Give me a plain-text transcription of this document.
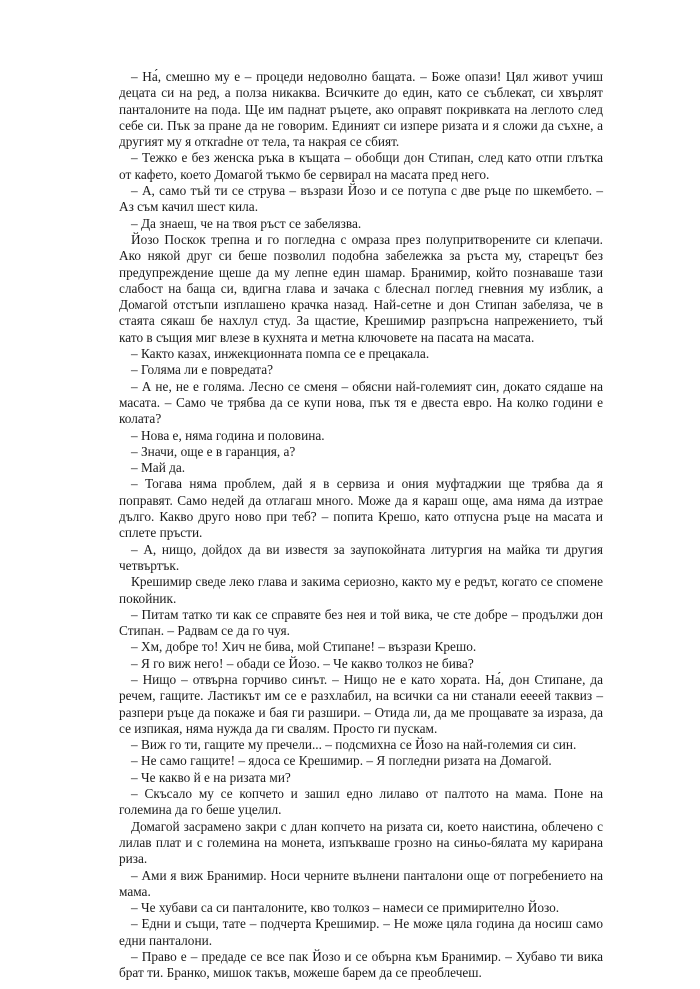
– На́, смешно му е – процеди недоволно бащата. – Боже опази! Цял живот учиш децата си на ред, а полза никаква. Всичките до един, като се съблекат, си хвърлят панталоните на пода. Ще им паднат ръцете, ако оправят покривката на леглото след себе си. Пък за пране да не говорим. Единият си изпере ризата и я сложи да съхне, а другият му я откradне от тела, та накрая се сбият.

– Тежко е без женска ръка в къщата – обобщи дон Стипан, след като отпи глътка от кафето, което Домагой тъкмо бе сервирал на масата пред него.

– А, само тъй ти се струва – възрази Йозо и се потупа с две ръце по шкембето. – Аз съм качил шест кила.

– Да знаеш, че на твоя ръст се забелязва.

Йозо Поскок трепна и го погледна с омраза през полупритворените си клепачи. Ако някой друг си беше позволил подобна забележка за ръста му, старецът без предупреждение щеше да му лепне един шамар. Бранимир, който познаваше тази слабост на баща си, вдигна глава и зачака с блеснал поглед гневния му изблик, а Домагой отстъпи изплашено крачка назад. Най-сетне и дон Стипан забеляза, че в стаята сякаш бе нахлул студ. За щастие, Крешимир разпръсна напрежението, тъй като в същия миг влезе в кухнята и метна ключовете на пасата на масата.

– Както казах, инжекционната помпа се е прецакала.

– Голяма ли е повредата?

– А не, не е голяма. Лесно се сменя – обясни най-големият син, докато сядаше на масата. – Само че трябва да се купи нова, пък тя е двеста евро. На колко години е колата?

– Нова е, няма година и половина.

– Значи, още е в гаранция, а?

– Май да.

– Тогава няма проблем, дай я в сервиза и ония муфтаджии ще трябва да я поправят. Само недей да отлагаш много. Може да я караш още, ама няма да изтрае дълго. Какво друго ново при теб? – попита Крешо, като отпусна ръце на масата и сплете пръсти.

– А, нищо, дойдох да ви известя за заупокойната литургия на майка ти другия четвъртък.

Крешимир сведе леко глава и закима сериозно, както му е редът, когато се спомене покойник.

– Питам татко ти как се справяте без нея и той вика, че сте добре – продължи дон Стипан. – Радвам се да го чуя.

– Хм, добре то! Хич не бива, мой Стипане! – възрази Крешо.

– Я го виж него! – обади се Йозо. – Че какво толкоз не бива?

– Нищо – отвърна горчиво синът. – Нищо не е като хората. На́, дон Стипане, да речем, гащите. Ластикът им се е разхлабил, на всички са ни станали еееей таквиз – разпери ръце да покаже и бая ги разшири. – Отида ли, да ме прощавате за израза, да се изпикая, няма нужда да ги свалям. Просто ги пускам.

– Виж го ти, гащите му пречели... – подсмихна се Йозо на най-големия си син.

– Не само гащите! – ядоса се Крешимир. – Я погледни ризата на Домагой.

– Че какво й е на ризата ми?

– Скъсало му се копчето и зашил едно лилаво от палтото на мама. Поне на големина да го беше уцелил.

Домагой засрамено закри с длан копчето на ризата си, което наистина, облечено с лилав плат и с големина на монета, изпъкваше грозно на синьо-бялата му карирана риза.

– Ами я виж Бранимир. Носи черните вълнени панталони още от погребението на мама.

– Че хубави са си панталоните, кво толкоз – намеси се примирително Йозо.

– Едни и същи, тате – подчерта Крешимир. – Не може цяла година да носиш само едни панталони.

– Право е – предаде се все пак Йозо и се обърна към Бранимир. – Хубаво ти вика брат ти. Бранко, мишок такъв, можеше барем да се преоблечеш.
